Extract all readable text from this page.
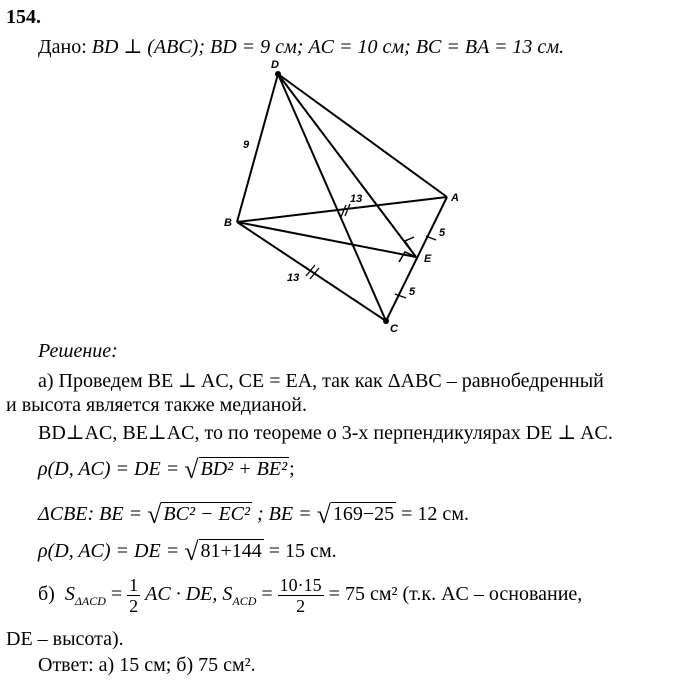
154.
Дано: BD ⊥ (ABC); BD = 9 см; AC = 10 см; BC = BA = 13 см.
D
A
B
E
C
9
13
13
5
5
Решение:
а) Проведем BE ⊥ AC, CE = EA, так как ΔABC – равнобедренный
и высота является также медианой.
BD⊥AC, BE⊥AC, то по теореме о 3-х перпендикулярах DE ⊥ AC.
ρ(D, AC) = DE = √ BD² + BE² ;
ΔCBE: BE = √ BC² − EC² ; BE = √ 169−25 = 12 см.
ρ(D, AC) = DE = √ 81+144 = 15 см.
б) $S_{\Delta ACD} = \frac{1}{2}$ AC · DE, $S_{ACD} = \frac{10\cdot 15}{2} = 75$ см² (т.к. AC – основание,
DE – высота).
Ответ: а) 15 см; б) 75 см².
